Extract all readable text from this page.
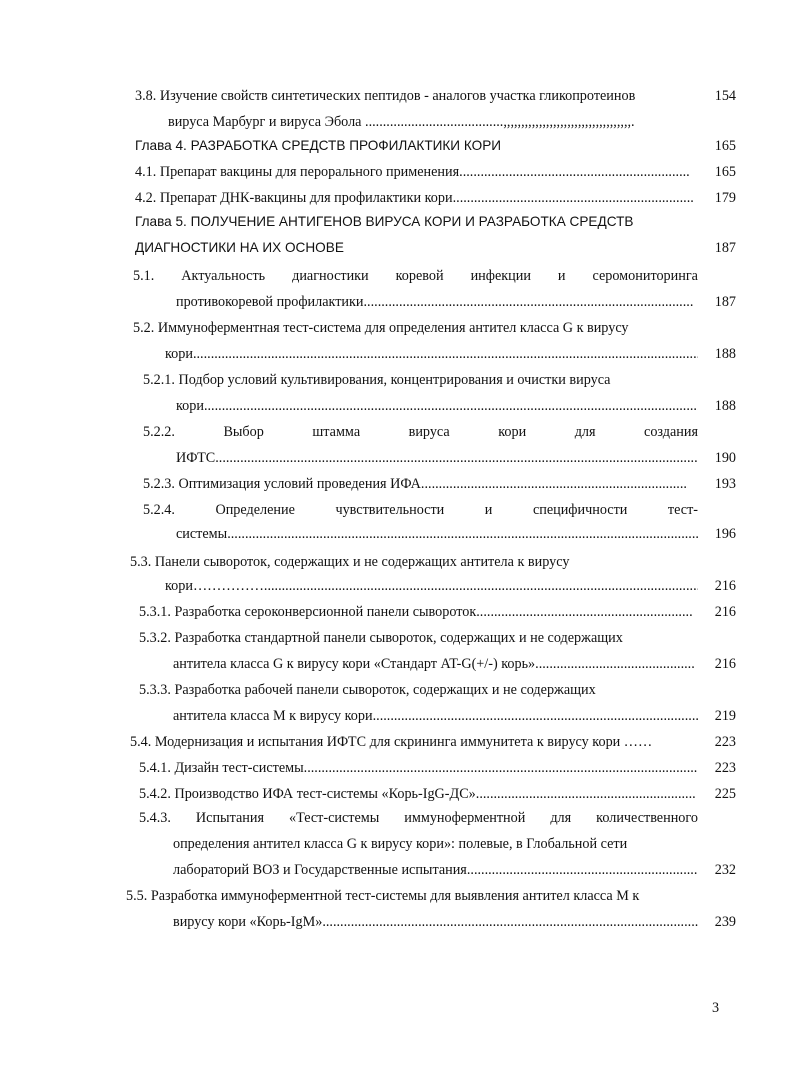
3.8. Изучение свойств синтетических пептидов - аналогов участка гликопротеинов	154
вируса Марбург и вируса Эбола .......................................,,,,,,,,,,,,,,,,,,,,,,,,,,,,,,,,,,,,.
Глава 4. РАЗРАБОТКА СРЕДСТВ ПРОФИЛАКТИКИ КОРИ	165
4.1. Препарат вакцины для перорального применения .....	165
4.2. Препарат ДНК-вакцины для профилактики кори .....	179
Глава 5. ПОЛУЧЕНИЕ АНТИГЕНОВ ВИРУСА КОРИ И РАЗРАБОТКА СРЕДСТВ
ДИАГНОСТИКИ НА ИХ ОСНОВЕ	187
5.1. Актуальность диагностики коревой инфекции и серомониторинга
противокоревой профилактики .....	187
5.2. Иммуноферментная тест-система для определения антител класса G к вирусу
кори .....	188
5.2.1. Подбор условий культивирования, концентрирования и очистки вируса
кори .....	188
5.2.2.	Выбор	штамма	вируса	кори	для	создания
ИФТС .....	190
5.2.3. Оптимизация условий проведения ИФА .....	193
5.2.4.	Определение	чувствительности	и	специфичности	тест-
системы .....	196
5.3. Панели сывороток, содержащих и не содержащих антитела к вирусу
кори……………. .....	216
5.3.1. Разработка сероконверсионной панели сывороток .....	216
5.3.2. Разработка стандартной панели сывороток, содержащих и не содержащих
антитела класса G к вирусу кори «Стандарт AT-G(+/-) корь» .....	216
5.3.3. Разработка рабочей панели сывороток, содержащих и не содержащих
антитела класса М к вирусу кори .....	219
5.4. Модернизация и испытания ИФТС для скрининга иммунитета к вирусу кори ……	223
5.4.1. Дизайн тест-системы .....	223
5.4.2. Производство ИФА тест-системы «Корь-IgG-ДС» .....	225
5.4.3. Испытания «Тест-системы иммуноферментной для количественного
определения антител класса G к вирусу кори»: полевые, в Глобальной сети
лабораторий ВОЗ и Государственные испытания .....	232
5.5. Разработка иммуноферментной тест-системы для выявления антител класса М к
вирусу кори «Корь-IgM» .....	239
3
